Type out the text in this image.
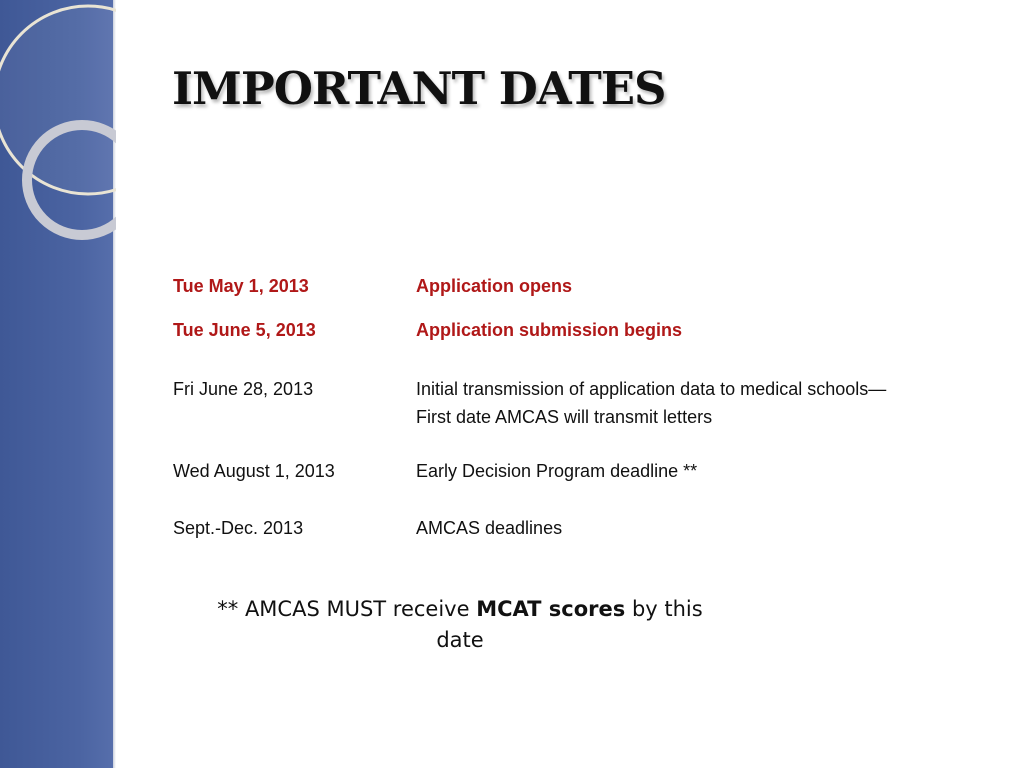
IMPORTANT DATES
Tue May 1, 2013	Application opens
Tue June 5, 2013	Application submission begins
Fri June 28, 2013	Initial transmission of application data to medical schools—First date AMCAS will transmit letters
Wed August 1, 2013	Early Decision Program deadline **
Sept.-Dec. 2013	AMCAS deadlines
** AMCAS MUST receive MCAT scores by this date
